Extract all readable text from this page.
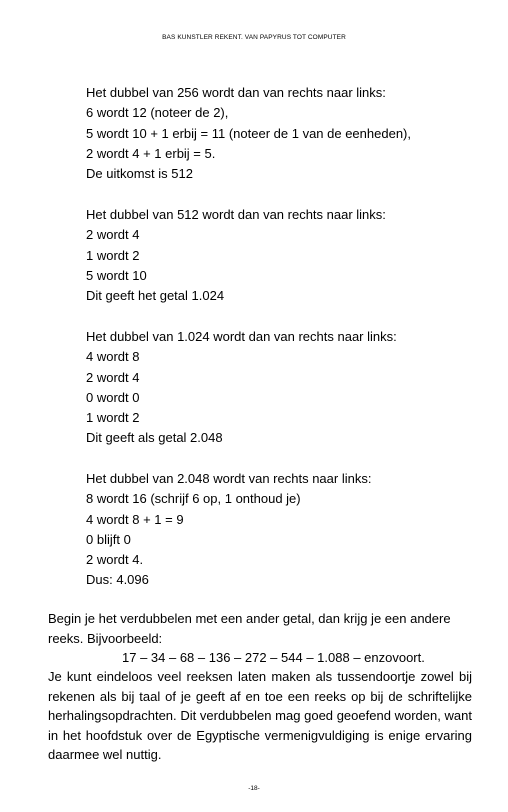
BAS KUNSTLER REKENT. VAN PAPYRUS TOT COMPUTER
Het dubbel van 256 wordt dan van rechts naar links:
6 wordt 12 (noteer de 2),
5 wordt 10 + 1 erbij = 11 (noteer de 1 van de eenheden),
2 wordt 4 + 1 erbij = 5.
De uitkomst is 512
Het dubbel van 512 wordt dan van rechts naar links:
2 wordt 4
1 wordt 2
5 wordt 10
Dit geeft het getal 1.024
Het dubbel van 1.024 wordt dan van rechts naar links:
4 wordt 8
2 wordt 4
0 wordt 0
1 wordt 2
Dit geeft als getal 2.048
Het dubbel van 2.048 wordt van rechts naar links:
8 wordt 16 (schrijf 6 op, 1 onthoud je)
4 wordt 8 + 1 = 9
0 blijft 0
2 wordt 4.
Dus: 4.096
Begin je het verdubbelen met een ander getal, dan krijg je een andere
reeks. Bijvoorbeeld:
17 – 34 – 68 – 136 – 272 – 544 – 1.088 – enzovoort.
Je kunt eindeloos veel reeksen laten maken als tussendoortje zowel bij rekenen als bij taal of je geeft af en toe een reeks op bij de schriftelijke herhalingsopdrachten. Dit verdubbelen mag goed geoefend worden, want in het hoofdstuk over de Egyptische vermenigvuldiging is enige ervaring daarmee wel nuttig.
-18-
